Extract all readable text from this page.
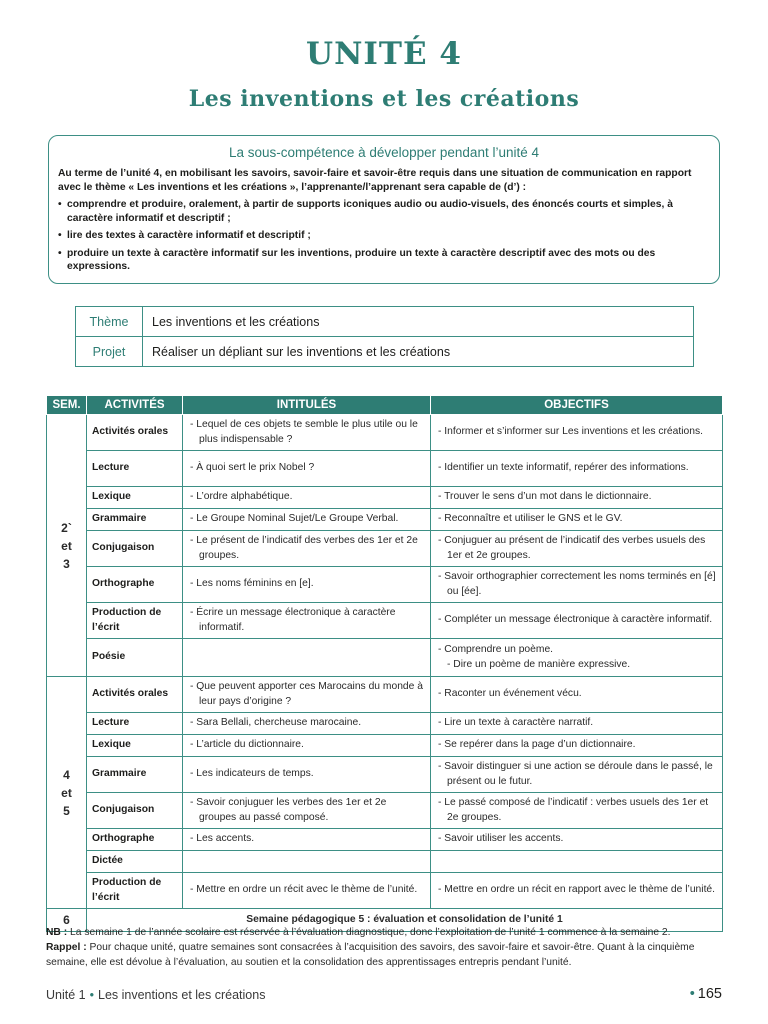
UNITÉ 4
Les inventions et les créations
La sous-compétence à développer pendant l’unité 4

Au terme de l’unité 4, en mobilisant les savoirs, savoir-faire et savoir-être requis dans une situation de communication en rapport avec le thème « Les inventions et les créations », l’apprenante/l’apprenant sera capable de (d’) :

• comprendre et produire, oralement, à partir de supports iconiques audio ou audio-visuels, des énoncés courts et simples, à caractère informatif et descriptif ;
• lire des textes à caractère informatif et descriptif ;
• produire un texte à caractère informatif sur les inventions, produire un texte à caractère descriptif avec des mots ou des expressions.
Thème	Les inventions et les créations
Projet	Réaliser un dépliant sur les inventions et les créations
SEM.	ACTIVITÉS	INTITULÉS	OBJECTIFS

2`
et
3	Activités orales	- Lequel de ces objets te semble le plus utile ou le plus indispensable ?	- Informer et s’informer sur Les inventions et les créations.
	Lecture	- À quoi sert le prix Nobel ?	- Identifier un texte informatif, repérer des informations.
	Lexique	- L’ordre alphabétique.	- Trouver le sens d’un mot dans le dictionnaire.
	Grammaire	- Le Groupe Nominal Sujet/Le Groupe Verbal.	- Reconnaître et utiliser le GNS et le GV.
	Conjugaison	- Le présent de l’indicatif des verbes des 1er et 2e groupes.	- Conjuguer au présent de l’indicatif des verbes usuels des 1er et 2e groupes.
	Orthographe	- Les noms féminins en [e].	- Savoir orthographier correctement les noms terminés en [é] ou [ée].
	Production de l’écrit	- Écrire un message électronique à caractère informatif.	- Compléter un message électronique à caractère informatif.
	Poésie		- Comprendre un poème.
- Dire un poème de manière expressive.

4
et
5	Activités orales	- Que peuvent apporter ces Marocains du monde à leur pays d’origine ?	- Raconter un événement vécu.
	Lecture	- Sara Bellali, chercheuse marocaine.	- Lire un texte à caractère narratif.
	Lexique	- L’article du dictionnaire.	- Se repérer dans la page d’un dictionnaire.
	Grammaire	- Les indicateurs de temps.	- Savoir distinguer si une action se déroule dans le passé, le présent ou le futur.
	Conjugaison	- Savoir conjuguer les verbes des 1er et 2e groupes au passé composé.	- Le passé composé de l’indicatif : verbes usuels des 1er et 2e groupes.
	Orthographe	- Les accents.	- Savoir utiliser les accents.
	Dictée		
	Production de l’écrit	- Mettre en ordre un récit avec le thème de l’unité.	- Mettre en ordre un récit en rapport avec le thème de l’unité.
6	Semaine pédagogique 5 : évaluation et consolidation de l’unité 1		

NB : La semaine 1 de l’année scolaire est réservée à l’évaluation diagnostique, donc l’exploitation de l’unité 1 commence à la semaine 2.

Rappel : Pour chaque unité, quatre semaines sont consacrées à l’acquisition des savoirs, des savoir-faire et savoir-être. Quant à la cinquième semaine, elle est dévolue à l’évaluation, au soutien et la consolidation des apprentissages entrepris pendant l’unité.

Unité 1 • Les inventions et les créations	• 165
